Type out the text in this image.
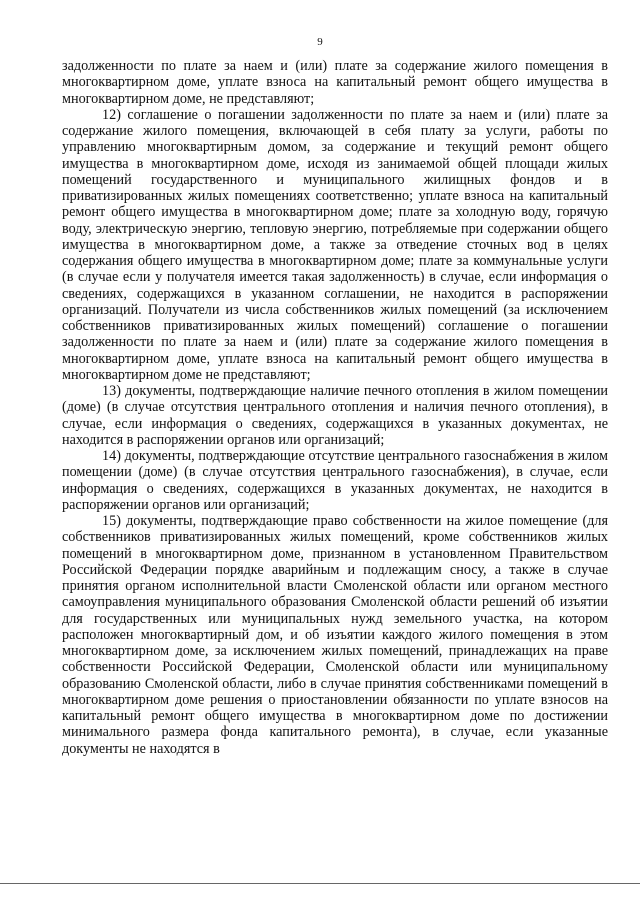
9

задолженности по плате за наем и (или) плате за содержание жилого помещения в многоквартирном доме, уплате взноса на капитальный ремонт общего имущества в многоквартирном доме, не представляют;

12) соглашение о погашении задолженности по плате за наем и (или) плате за содержание жилого помещения, включающей в себя плату за услуги, работы по управлению многоквартирным домом, за содержание и текущий ремонт общего имущества в многоквартирном доме, исходя из занимаемой общей площади жилых помещений государственного и муниципального жилищных фондов и в приватизированных жилых помещениях соответственно; уплате взноса на капитальный ремонт общего имущества в многоквартирном доме; плате за холодную воду, горячую воду, электрическую энергию, тепловую энергию, потребляемые при содержании общего имущества в многоквартирном доме, а также за отведение сточных вод в целях содержания общего имущества в многоквартирном доме; плате за коммунальные услуги (в случае если у получателя имеется такая задолженность) в случае, если информация о сведениях, содержащихся в указанном соглашении, не находится в распоряжении организаций. Получатели из числа собственников жилых помещений (за исключением собственников приватизированных жилых помещений) соглашение о погашении задолженности по плате за наем и (или) плате за содержание жилого помещения в многоквартирном доме, уплате взноса на капитальный ремонт общего имущества в многоквартирном доме не представляют;

13) документы, подтверждающие наличие печного отопления в жилом помещении (доме) (в случае отсутствия центрального отопления и наличия печного отопления), в случае, если информация о сведениях, содержащихся в указанных документах, не находится в распоряжении органов или организаций;

14) документы, подтверждающие отсутствие центрального газоснабжения в жилом помещении (доме) (в случае отсутствия центрального газоснабжения), в случае, если информация о сведениях, содержащихся в указанных документах, не находится в распоряжении органов или организаций;

15) документы, подтверждающие право собственности на жилое помещение (для собственников приватизированных жилых помещений, кроме собственников жилых помещений в многоквартирном доме, признанном в установленном Правительством Российской Федерации порядке аварийным и подлежащим сносу, а также в случае принятия органом исполнительной власти Смоленской области или органом местного самоуправления муниципального образования Смоленской области решений об изъятии для государственных или муниципальных нужд земельного участка, на котором расположен многоквартирный дом, и об изъятии каждого жилого помещения в этом многоквартирном доме, за исключением жилых помещений, принадлежащих на праве собственности Российской Федерации, Смоленской области или муниципальному образованию Смоленской области, либо в случае принятия собственниками помещений в многоквартирном доме решения о приостановлении обязанности по уплате взносов на капитальный ремонт общего имущества в многоквартирном доме по достижении минимального размера фонда капитального ремонта), в случае, если указанные документы не находятся в
